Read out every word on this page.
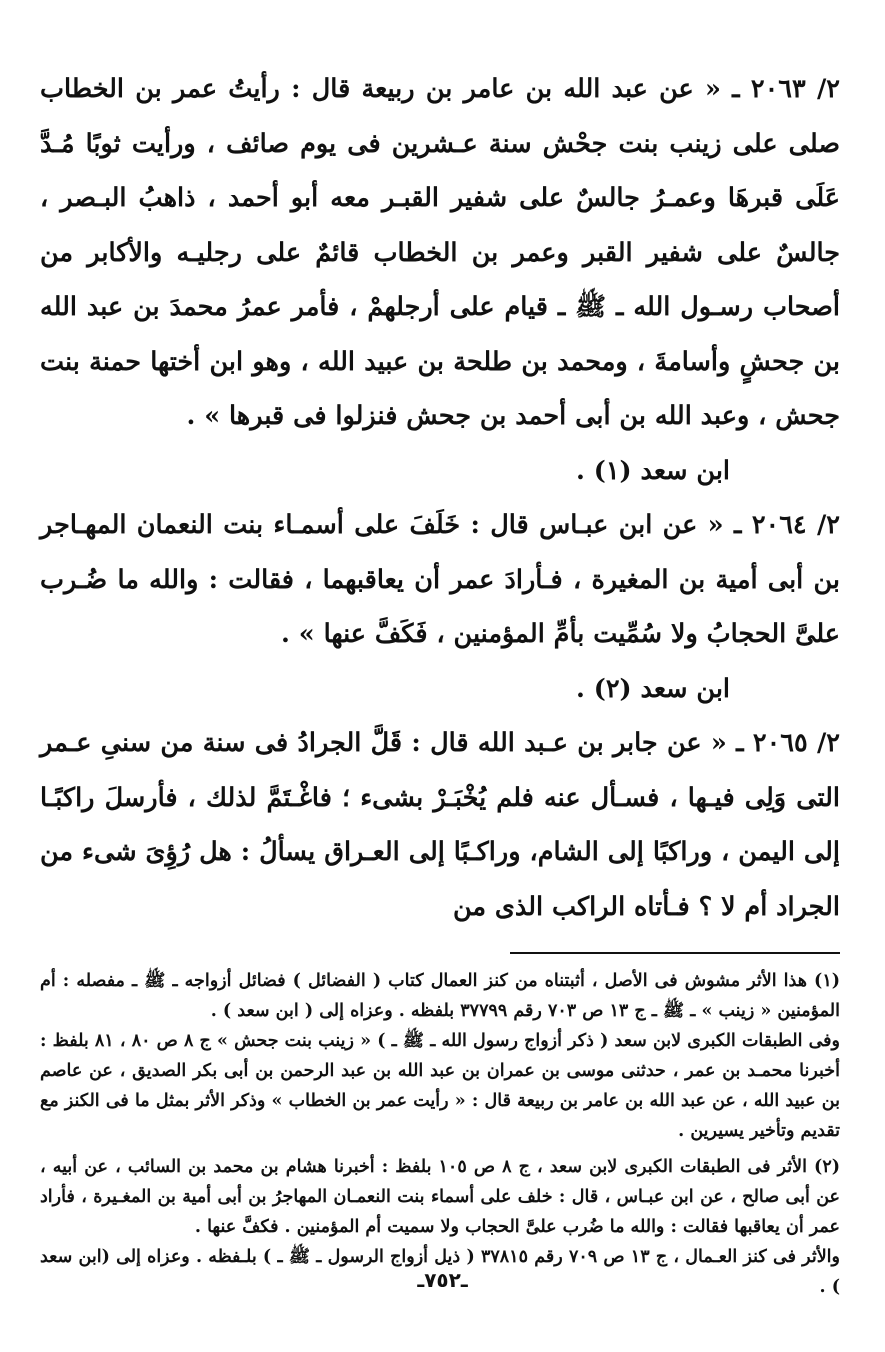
٢/ ٢٠٦٣ ـ « عن عبد الله بن عامر بن ربيعة قال : رأيتُ عمر بن الخطاب صلى على زينب بنت جحْش سنة عـشرين فى يوم صائف ، ورأيت ثوبًا مُـدَّ عَلَى قبرهَا وعمـرُ جالسٌ على شفير القبـر معه أبو أحمد ، ذاهبُ البـصر ، جالسٌ على شفير القبر وعمر بن الخطاب قائمٌ على رجليـه والأكابر من أصحاب رسـول الله ـ ﷺ ـ قيام على أرجلهمْ ، فأمر عمرُ محمدَ بن عبد الله بن جحشٍ وأسامةَ ، ومحمد بن طلحة بن عبيد الله ، وهو ابن أختها حمنة بنت جحش ، وعبد الله بن أبى أحمد بن جحش فنزلوا فى قبرها » .

ابن سعد (١) .

٢/ ٢٠٦٤ ـ « عن ابن عبـاس قال : خَلَفَ على أسمـاء بنت النعمان المهـاجر بن أبى أمية بن المغيرة ، فـأرادَ عمر أن يعاقبهما ، فقالت : والله ما ضُـرب علىَّ الحجابُ ولا سُمِّيت بأمِّ المؤمنين ، فَكَفَّ عنها » .

ابن سعد (٢) .

٢/ ٢٠٦٥ ـ « عن جابر بن عـبد الله قال : قَلَّ الجرادُ فى سنة من سنىِ عـمر التى وَلِى فيـها ، فسـأل عنه فلم يُخْبَـرْ بشىء ؛ فاغْـتَمَّ لذلك ، فأرسلَ راكبًـا إلى اليمن ، وراكبًا إلى الشام، وراكـبًا إلى العـراق يسألُ : هل رُؤِىَ شىء من الجراد أم لا ؟ فـأتاه الراكب الذى من

(١) هذا الأثر مشوش فى الأصل ، أثبتناه من كنز العمال كتاب ( الفضائل ) فضائل أزواجه ـ ﷺ ـ مفصله : أم المؤمنين « زينب » ـ ﷺ ـ ج ١٣ ص ٧٠٣ رقم ٣٧٧٩٩ بلفظه . وعزاه إلى ( ابن سعد ) .

وفى الطبقات الكبرى لابن سعد ( ذكر أزواج رسول الله ـ ﷺ ـ ) « زينب بنت جحش » ج ٨ ص ٨٠ ، ٨١ بلفظ : أخبرنا محمـد بن عمر ، حدثنى موسى بن عمران بن عبد الله بن عبد الرحمن بن أبى بكر الصديق ، عن عاصم بن عبيد الله ، عن عبد الله بن عامر بن ربيعة قال : « رأيت عمر بن الخطاب » وذكر الأثر بمثل ما فى الكنز مع تقديم وتأخير يسيرين .

(٢) الأثر فى الطبقات الكبرى لابن سعد ، ج ٨ ص ١٠٥ بلفظ : أخبرنا هشام بن محمد بن السائب ، عن أبيه ، عن أبى صالح ، عن ابن عبـاس ، قال : خلف على أسماء بنت النعمـان المهاجرُ بن أبى أمية بن المغـيرة ، فأراد عمر أن يعاقبها فقالت : والله ما ضُرب علىَّ الحجاب ولا سميت أم المؤمنين . فكفَّ عنها .

والأثر فى كنز العـمال ، ج ١٣ ص ٧٠٩ رقم ٣٧٨١٥ ( ذيل أزواج الرسول ـ ﷺ ـ ) بلـفظه . وعزاه إلى (ابن سعد ) .

ـ٧٥٢ـ
